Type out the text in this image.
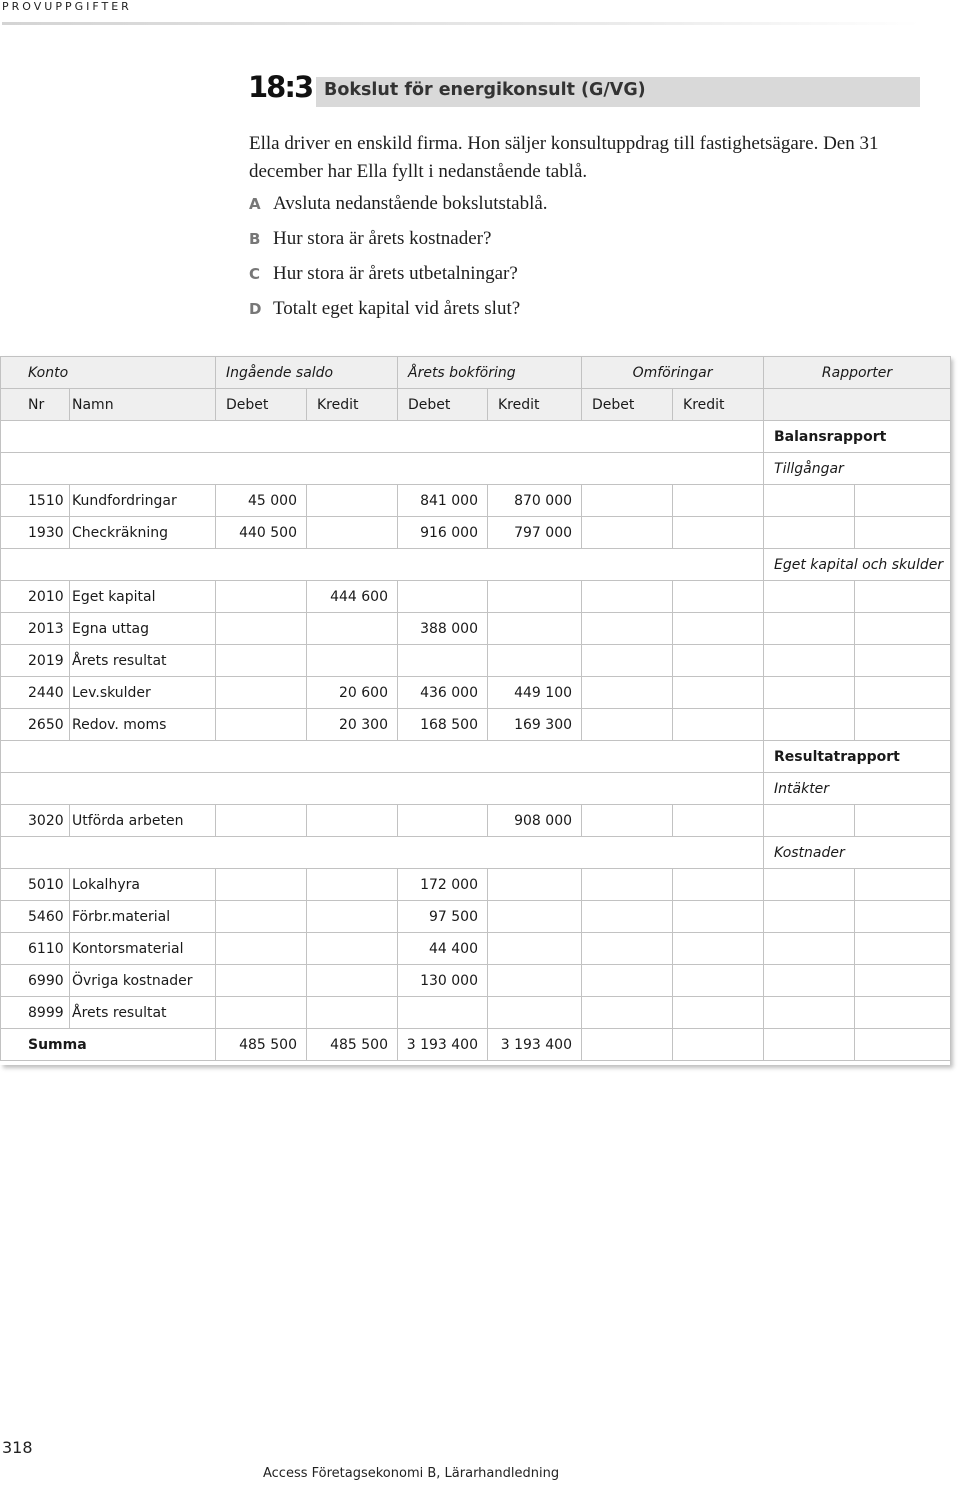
PROVUPPGIFTER
18:3 Bokslut för energikonsult (G/VG)

Ella driver en enskild firma. Hon säljer konsultuppdrag till fastighetsägare. Den 31 december har Ella fyllt i nedanstående tablå.

A Avsluta nedanstående bokslutstablå.
B Hur stora är årets kostnader?
C Hur stora är årets utbetalningar?
D Totalt eget kapital vid årets slut?
Konto		Ingående saldo		Årets bokföring		Omföringar		Rapporter	
Nr	Namn	Debet	Kredit	Debet	Kredit	Debet	Kredit		
								Balansrapport	
								Tillgångar	
1510	Kundfordringar	45 000		841 000	870 000				
1930	Checkräkning	440 500		916 000	797 000				
								Eget kapital och skulder	
2010	Eget kapital		444 600						
2013	Egna uttag			388 000					
2019	Årets resultat								
2440	Lev.skulder		20 600	436 000	449 100				
2650	Redov. moms		20 300	168 500	169 300				
								Resultatrapport	
								Intäkter	
3020	Utförda arbeten				908 000				
								Kostnader	
5010	Lokalhyra			172 000					
5460	Förbr.material			97 500					
6110	Kontorsmaterial			44 400					
6990	Övriga kostnader			130 000					
8999	Årets resultat								
Summa		485 500	485 500	3 193 400	3 193 400				
318
Access Företagsekonomi B, Lärarhandledning
